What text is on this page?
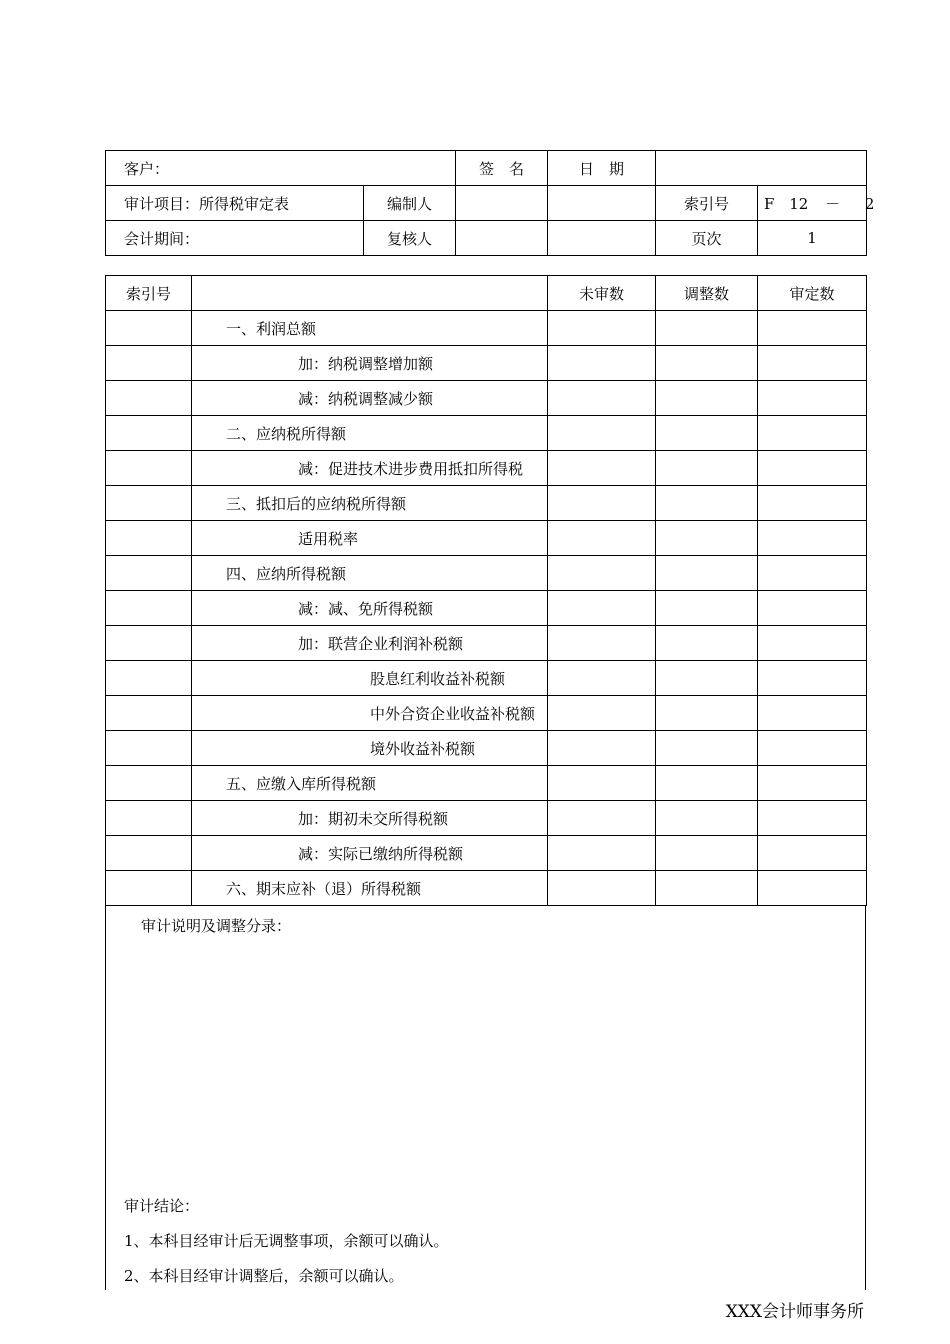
客户：		签　名	日　期		
审计项目：所得税审定表	编制人			索引号	F 12 － 2
会计期间：	复核人			页次	1
索引号		未审数	调整数	审定数
	一、利润总额			
	加：纳税调整增加额			
	减：纳税调整减少额			
	二、应纳税所得额			
	减：促进技术进步费用抵扣所得税			
	三、抵扣后的应纳税所得额			
	适用税率			
	四、应纳所得税额			
	减：减、免所得税额			
	加：联营企业利润补税额			
	股息红利收益补税额			
	中外合资企业收益补税额			
	境外收益补税额			
	五、应缴入库所得税额			
	加：期初未交所得税额			
	减：实际已缴纳所得税额			
	六、期末应补（退）所得税额			
审计说明及调整分录：
审计结论：
1、本科目经审计后无调整事项，余额可以确认。
2、本科目经审计调整后，余额可以确认。
XXX会计师事务所
